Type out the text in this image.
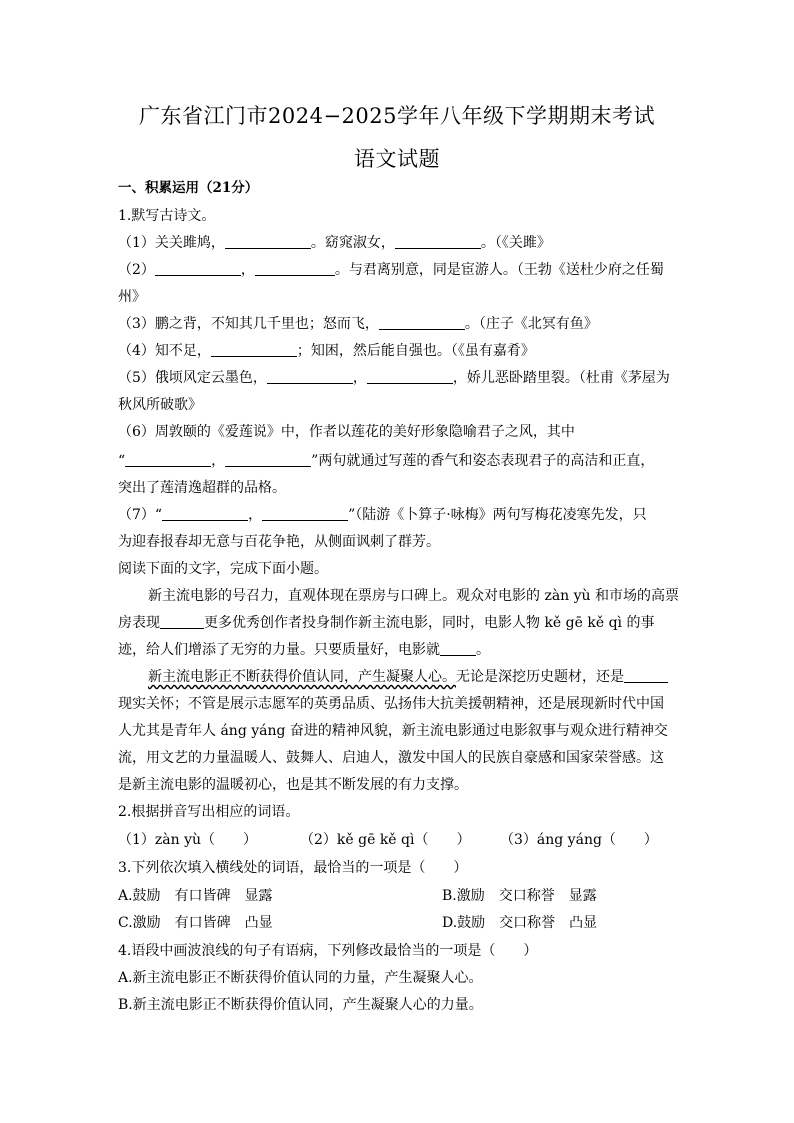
广东省江门市2024−2025学年八年级下学期期末考试
语文试题
一、积累运用（21分）
1.默写古诗文。
（1）关关雎鸠，	。窈窕淑女，	。（《关雎》
（2）	，	。与君离别意，同是宦游人。（王勃《送杜少府之任蜀
州》
（3）鹏之背，不知其几千里也；怒而飞，	。（庄子《北冥有鱼》
（4）知不足，	；知困，然后能自强也。（《虽有嘉肴》
（5）俄顷风定云墨色，	，	，娇儿恶卧踏里裂。（杜甫《茅屋为
秋风所破歌》
（6）周敦颐的《爱莲说》中，作者以莲花的美好形象隐喻君子之风，其中
“	，	”两句就通过写莲的香气和姿态表现君子的高洁和正直，
突出了莲清逸超群的品格。
（7）“	，	”（陆游《卜算子·咏梅》两句写梅花凌寒先发，只
为迎春报春却无意与百花争艳，从侧面讽刺了群芳。
阅读下面的文字，完成下面小题。
新主流电影的号召力，直观体现在票房与口碑上。观众对电影的 zàn yù 和市场的高票
房表现	更多优秀创作者投身制作新主流电影，同时，电影人物 kě gē kě qì 的事
迹，给人们增添了无穷的力量。只要质量好，电影就	。
新主流电影正不断获得价值认同，产生凝聚人心。无论是深挖历史题材，还是
现实关怀；不管是展示志愿军的英勇品质、弘扬伟大抗美援朝精神，还是展现新时代中国
人尤其是青年人 áng yáng 奋进的精神风貌，新主流电影通过电影叙事与观众进行精神交
流，用文艺的力量温暖人、鼓舞人、启迪人，激发中国人的民族自豪感和国家荣誉感。这
是新主流电影的温暖初心，也是其不断发展的有力支撑。
2.根据拼音写出相应的词语。
（1）zàn yù（　　）	（2）kě gē kě qì（　　） （3）áng yáng（　　）
3.下列依次填入横线处的词语，最恰当的一项是（　　）
A.鼓励　有口皆碑　显露	B.激励　交口称誉　显露
C.激励　有口皆碑　凸显	D.鼓励　交口称誉　凸显
4.语段中画波浪线的句子有语病，下列修改最恰当的一项是（　　）
A.新主流电影正不断获得价值认同的力量，产生凝聚人心。
B.新主流电影正不断获得价值认同，产生凝聚人心的力量。
